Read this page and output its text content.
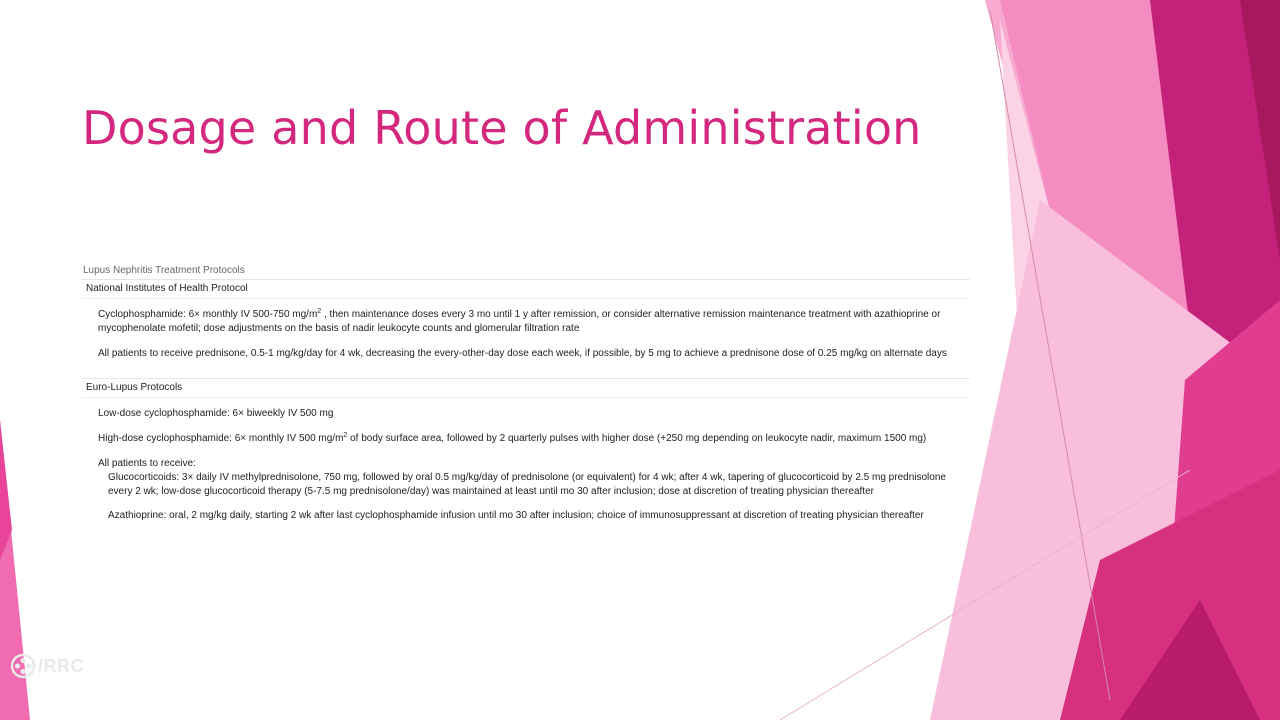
Dosage and Route of Administration
Lupus Nephritis Treatment Protocols
National Institutes of Health Protocol

Cyclophosphamide: 6× monthly IV 500-750 $mg/m^2$ , then maintenance doses every 3 mo until 1 y after remission, or consider alternative remission maintenance treatment with azathioprine or mycophenolate mofetil; dose adjustments on the basis of nadir leukocyte counts and glomerular filtration rate

All patients to receive prednisone, 0.5-1 mg/kg/day for 4 wk, decreasing the every-other-day dose each week, if possible, by 5 mg to achieve a prednisone dose of 0.25 mg/kg on alternate days

Euro-Lupus Protocols

Low-dose cyclophosphamide: 6× biweekly IV 500 mg

High-dose cyclophosphamide: 6× monthly IV 500 $mg/m^2$ of body surface area, followed by 2 quarterly pulses with higher dose (+250 mg depending on leukocyte nadir, maximum 1500 mg)

All patients to receive:

Glucocorticoids: 3× daily IV methylprednisolone, 750 mg, followed by oral 0.5 mg/kg/day of prednisolone (or equivalent) for 4 wk; after 4 wk, tapering of glucocorticoid by 2.5 mg prednisolone every 2 wk; low-dose glucocorticoid therapy (5-7.5 mg prednisolone/day) was maintained at least until mo 30 after inclusion; dose at discretion of treating physician thereafter

Azathioprine: oral, 2 mg/kg daily, starting 2 wk after last cyclophosphamide infusion until mo 30 after inclusion; choice of immunosuppressant at discretion of treating physician thereafter

/RRC
